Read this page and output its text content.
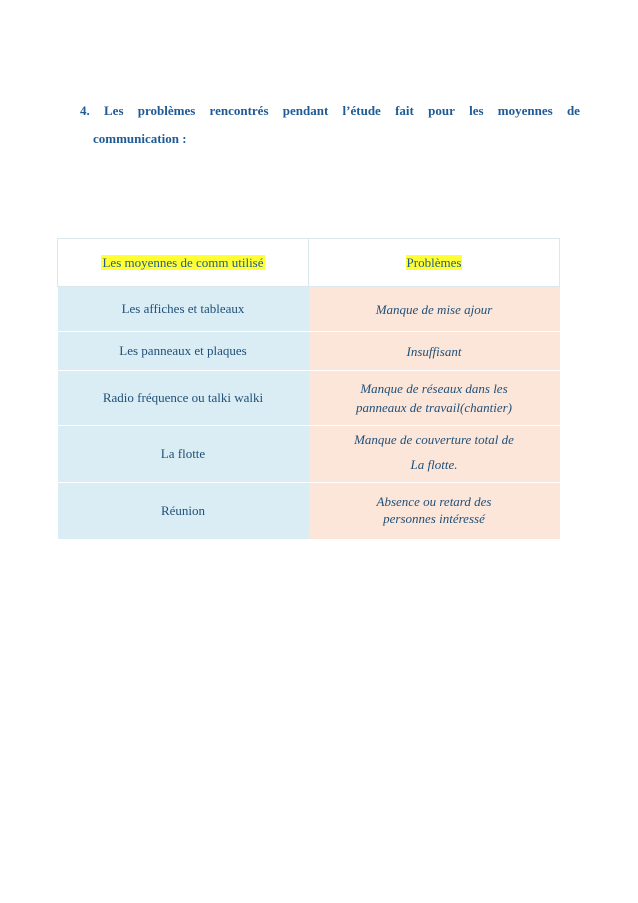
4. Les problèmes rencontrés pendant l’étude fait pour les moyennes de
communication :
Les moyennes de comm utilisé	Problèmes
Les affiches et tableaux	Manque de mise ajour
Les panneaux et plaques	Insuffisant
Radio fréquence ou talki walki	Manque de réseaux dans les
panneaux de travail(chantier)
La flotte	Manque de couverture total de
La flotte.

Réunion	Absence ou retard des
personnes intéressé
